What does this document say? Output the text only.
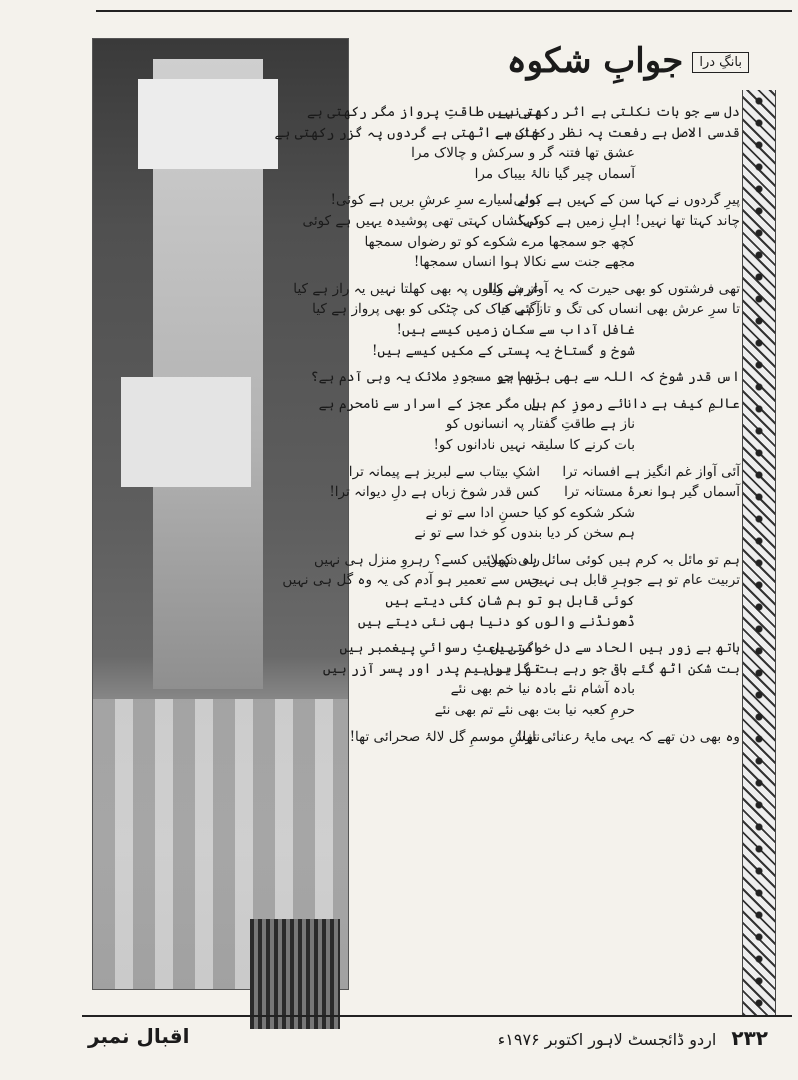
جوابِ شکوہ	بانگِ درا
دل سے جو بات نکلتی ہے اثر رکھتی ہے
پر نہیں طاقتِ پرواز مگر رکھتی ہے
قدسی الاصل ہے رفعت پہ نظر رکھتی ہے
خاک سے اٹھتی ہے گردوں پہ گزر رکھتی ہے
عشق تھا فتنہ گر و سرکش و چالاک مرا
آسماں چیر گیا نالۂ بیباک مرا
پیرِ گردوں نے کہا سن کے کہیں ہے کوئی!
بولے سیارے سرِ عرشِ بریں ہے کوئی!
چاند کہتا تھا نہیں! اہلِ زمیں ہے کوئی!
کہکشاں کہتی تھی پوشیدہ یہیں ہے کوئی
کچھ جو سمجھا مرے شکوے کو تو رضواں سمجھا
مجھے جنت سے نکالا ہوا انساں سمجھا!
تھی فرشتوں کو بھی حیرت کہ یہ آواز ہے کیا
عرش والوں پہ بھی کھلتا نہیں یہ راز ہے کیا
تا سرِ عرش بھی انساں کی تگ و تاز ہے کیا
آگئی خاک کی چٹکی کو بھی پرواز ہے کیا
غافل آداب سے سکانِ زمیں کیسے ہیں!
شوخ و گستاخ یہ پستی کے مکیں کیسے ہیں!
اس قدر شوخ کہ اللہ سے بھی برہم ہے
تھا جو مسجودِ ملائک یہ وہی آدم ہے؟
عالمِ کیف ہے دانائے رموزِ کم ہے
ہاں مگر عجز کے اسرار سے نامحرم ہے
ناز ہے طاقتِ گفتار پہ انسانوں کو
بات کرنے کا سلیقہ نہیں نادانوں کو!
آئی آواز غم انگیز ہے افسانہ ترا
اشکِ بیتاب سے لبریز ہے پیمانہ ترا
آسماں گیر ہوا نعرۂ مستانہ ترا
کس قدر شوخ زباں ہے دلِ دیوانہ ترا!
شکر شکوے کو کیا حسنِ ادا سے تو نے
ہم سخن کر دیا بندوں کو خدا سے تو نے
ہم تو مائل بہ کرم ہیں کوئی سائل ہی نہیں
راہ دکھلائیں کسے؟ رہروِ منزل ہی نہیں
تربیت عام تو ہے جوہرِ قابل ہی نہیں
جس سے تعمیر ہو آدم کی یہ وہ گل ہی نہیں
کوئی قابل ہو تو ہم شانِ کئی دیتے ہیں
ڈھونڈنے والوں کو دنیا بھی نئی دیتے ہیں
ہاتھ بے زور ہیں الحاد سے دل خوگر ہیں
امتی باعثِ رسوائیِ پیغمبر ہیں
بت شکن اٹھ گئے باقی جو رہے بت گر ہیں
تھا براہیم پدر اور پسر آزر ہیں
بادہ آشام نئے بادہ نیا خم بھی نئے
حرمِ کعبہ نیا بت بھی نئے تم بھی نئے
وہ بھی دن تھے کہ یہی مایۂ رعنائی تھا!
نازشِ موسمِ گل لالۂ صحرائی تھا!
اقبال نمبر	۲۳۲ اردو ڈائجسٹ لاہور اکتوبر ۱۹۷۶ء
